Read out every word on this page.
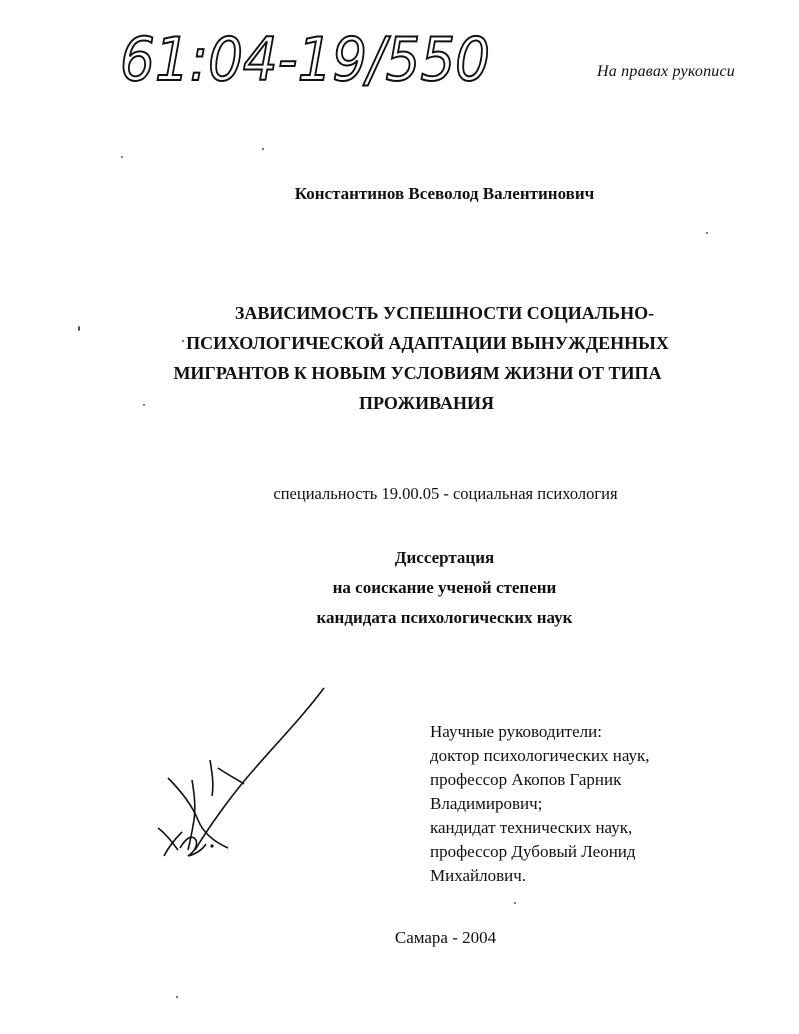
61:04-19/550	На правах рукописи
Константинов Всеволод Валентинович
ЗАВИСИМОСТЬ УСПЕШНОСТИ СОЦИАЛЬНО-
ПСИХОЛОГИЧЕСКОЙ АДАПТАЦИИ ВЫНУЖДЕННЫХ
МИГРАНТОВ К НОВЫМ УСЛОВИЯМ ЖИЗНИ ОТ ТИПА
ПРОЖИВАНИЯ
специальность 19.00.05 - социальная психология
Диссертация
на соискание ученой степени
кандидата психологических наук
Научные руководители:
доктор психологических наук,
профессор Акопов Гарник
Владимирович;
кандидат технических наук,
профессор Дубовый Леонид
Михайлович.
Самара - 2004
